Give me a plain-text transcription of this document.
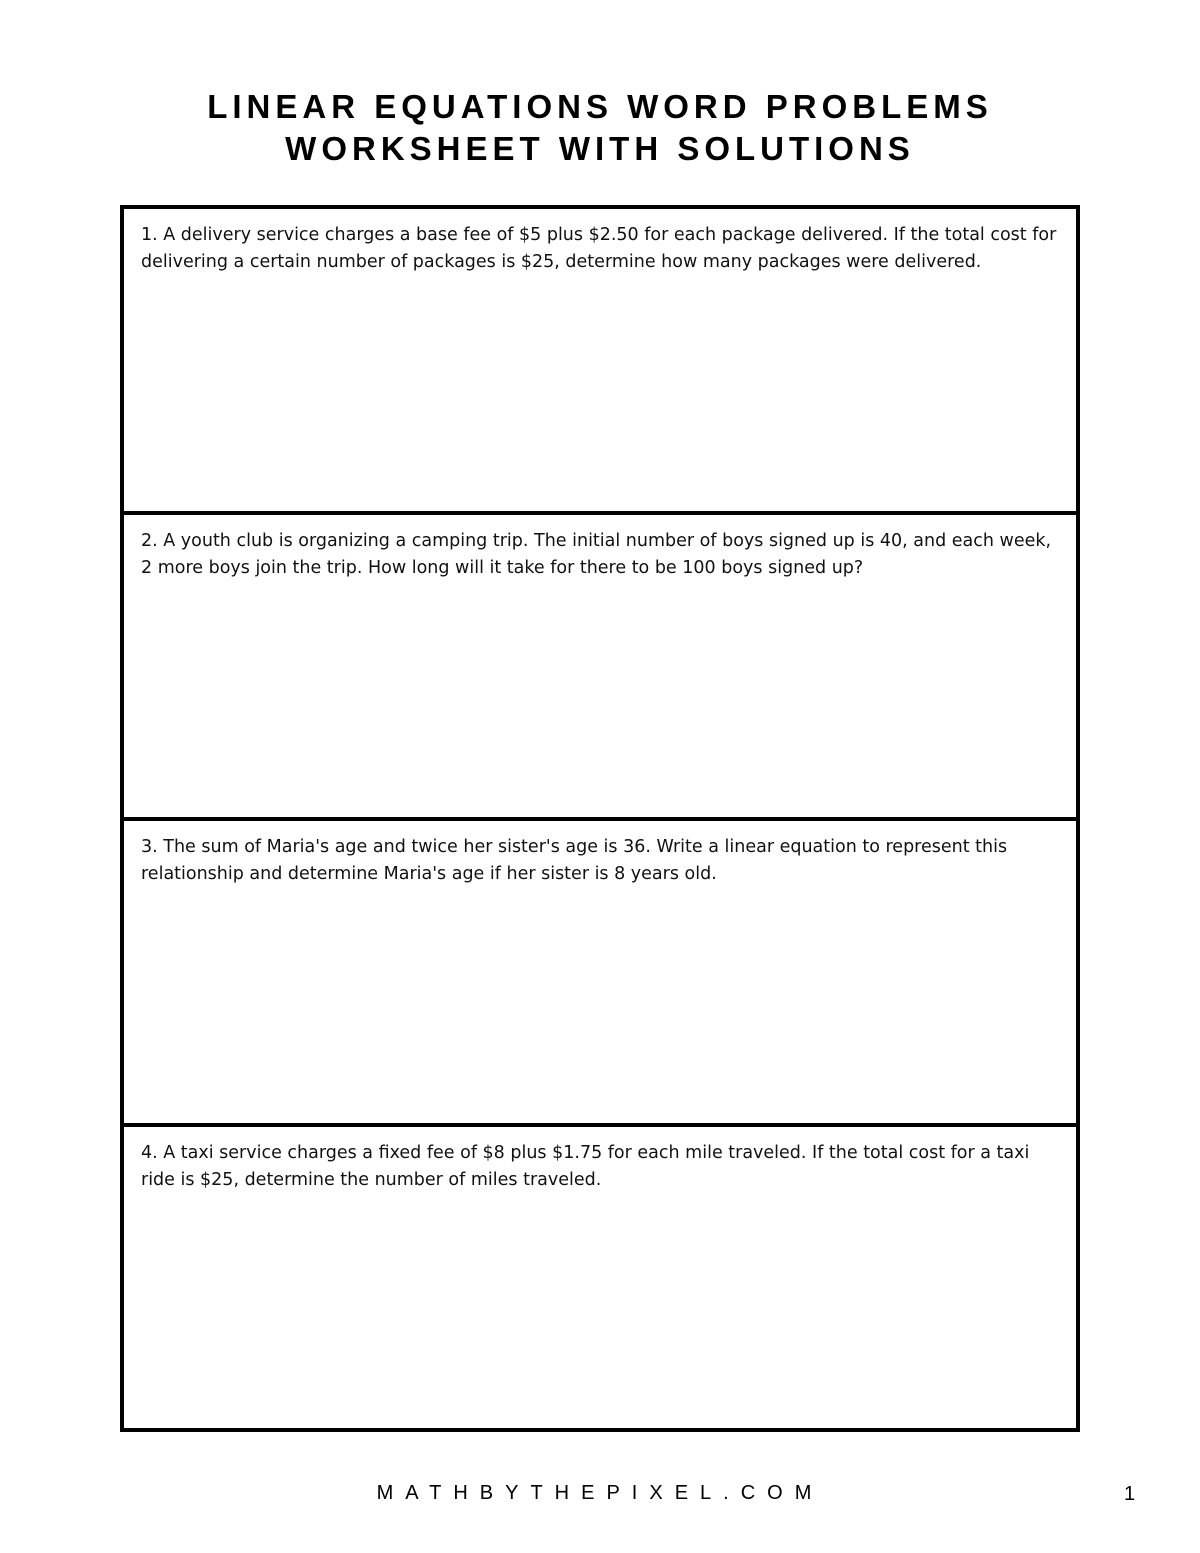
LINEAR EQUATIONS WORD PROBLEMS
WORKSHEET WITH SOLUTIONS

1. A delivery service charges a base fee of $5 plus $2.50 for each package delivered. If the total cost for delivering a certain number of packages is $25, determine how many packages were delivered.

2. A youth club is organizing a camping trip. The initial number of boys signed up is 40, and each week, 2 more boys join the trip. How long will it take for there to be 100 boys signed up?

3. The sum of Maria's age and twice her sister's age is 36. Write a linear equation to represent this relationship and determine Maria's age if her sister is 8 years old.

4. A taxi service charges a fixed fee of $8 plus $1.75 for each mile traveled. If the total cost for a taxi ride is $25, determine the number of miles traveled.

MATHBYTHEPIXEL.COM	1
